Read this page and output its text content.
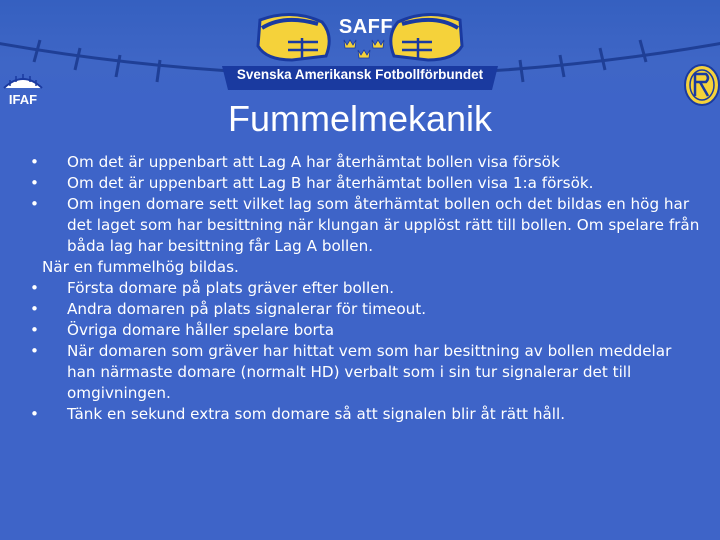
SAFF
Svenska Amerikansk Fotbollförbundet
IFAF	Fummelmekanik
•	Om det är uppenbart att Lag A har återhämtat bollen visa försök
•	Om det är uppenbart att Lag B har återhämtat bollen visa 1:a försök.
•	Om ingen domare sett vilket lag som återhämtat bollen och det bildas en hög har det laget som har besittning när klungan är upplöst rätt till bollen. Om spelare från båda lag har besittning får Lag A bollen.
När en fummelhög bildas.
•	Första domare på plats gräver efter bollen.
•	Andra domaren på plats signalerar för timeout.
•	Övriga domare håller spelare borta
•	När domaren som gräver har hittat vem som har besittning av bollen meddelar han närmaste domare (normalt HD) verbalt som i sin tur signalerar det till omgivningen.
•	Tänk en sekund extra som domare så att signalen blir åt rätt håll.
